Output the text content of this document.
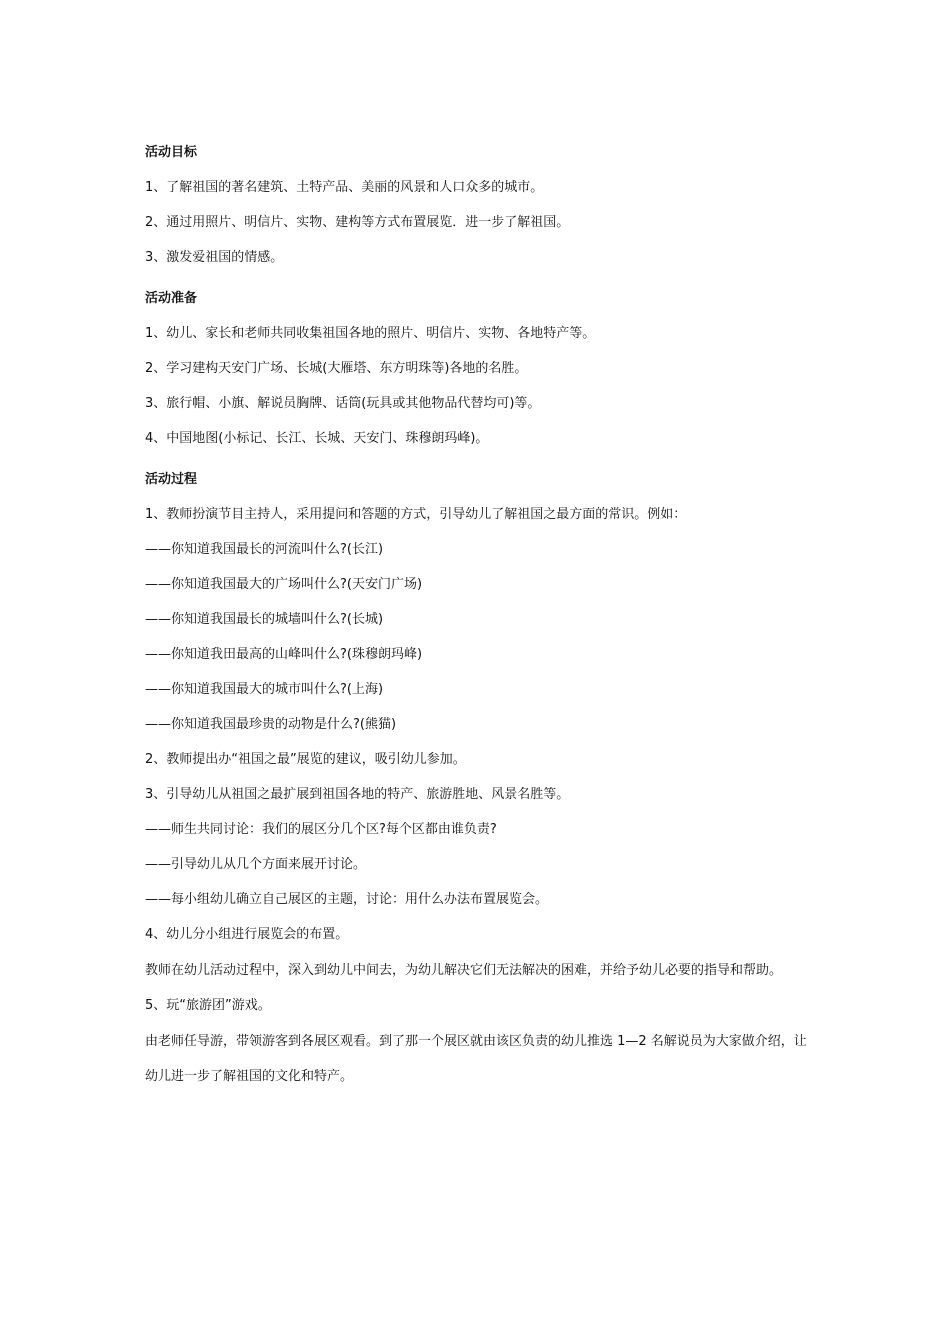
活动目标
1、了解祖国的著名建筑、土特产品、美丽的风景和人口众多的城市。
2、通过用照片、明信片、实物、建构等方式布置展览．进一步了解祖国。
3、激发爱祖国的情感。
活动准备
1、幼儿、家长和老师共同收集祖国各地的照片、明信片、实物、各地特产等。
2、学习建构天安门广场、长城(大雁塔、东方明珠等)各地的名胜。
3、旅行帽、小旗、解说员胸牌、话筒(玩具或其他物品代替均可)等。
4、中国地图(小标记、长江、长城、天安门、珠穆朗玛峰)。
活动过程
1、教师扮演节目主持人，采用提问和答题的方式，引导幼儿了解祖国之最方面的常识。例如：
——你知道我国最长的河流叫什么?(长江)
——你知道我国最大的广场叫什么?(天安门广场)
——你知道我国最长的城墙叫什么?(长城)
——你知道我田最高的山峰叫什么?(珠穆朗玛峰)
——你知道我国最大的城市叫什么?(上海)
——你知道我国最珍贵的动物是什么?(熊猫)
2、教师提出办“祖国之最”展览的建议，吸引幼儿参加。
3、引导幼儿从祖国之最扩展到祖国各地的特产、旅游胜地、风景名胜等。
——师生共同讨论：我们的展区分几个区?每个区都由谁负责?
——引导幼儿从几个方面来展开讨论。
——每小组幼儿确立自己展区的主题，讨论：用什么办法布置展览会。
4、幼儿分小组进行展览会的布置。
教师在幼儿活动过程中，深入到幼儿中间去，为幼儿解决它们无法解决的困难，并给予幼儿必要的指导和帮助。
5、玩“旅游团”游戏。
由老师任导游，带领游客到各展区观看。到了那一个展区就由该区负责的幼儿推选 1—2 名解说员为大家做介绍，让幼儿进一步了解祖国的文化和特产。
